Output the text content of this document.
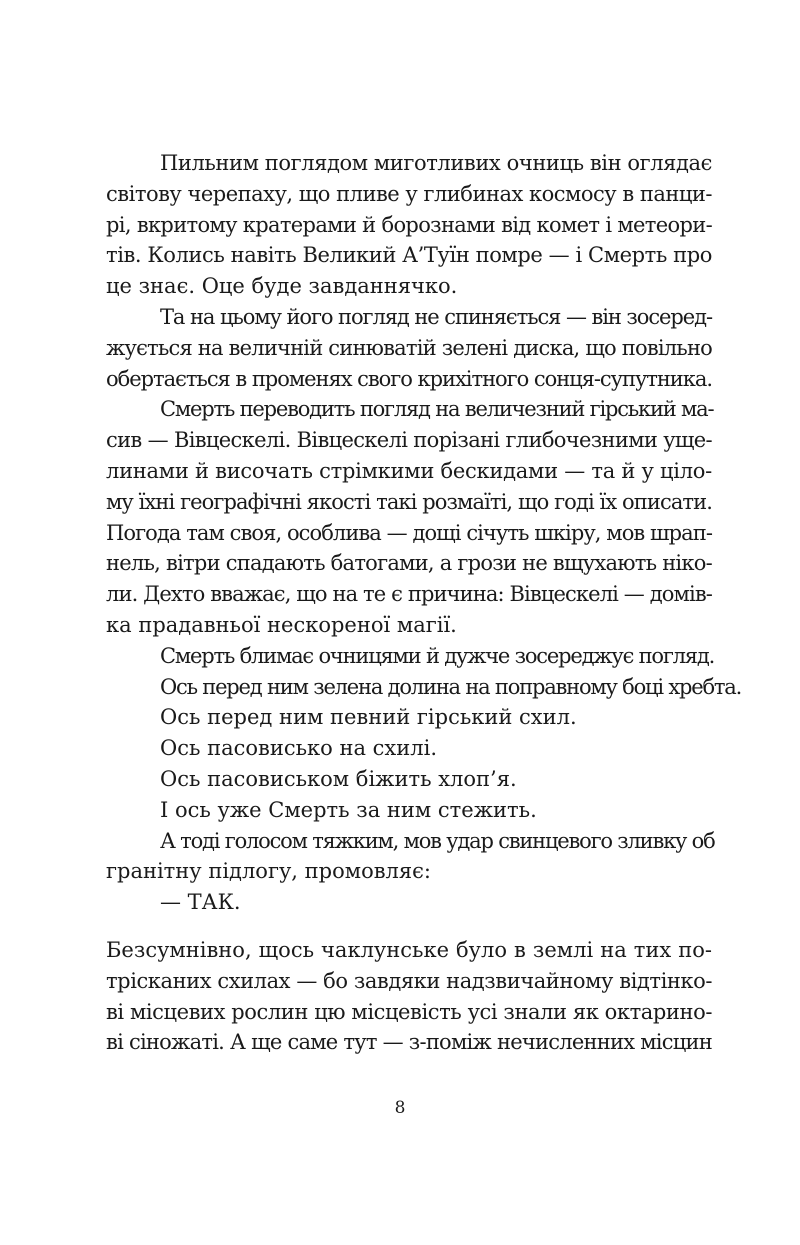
Пильним поглядом миготливих очниць він оглядає
світову черепаху, що пливе у глибинах космосу в панци-
рі, вкритому кратерами й борознами від комет і метеори-
тів. Колись навіть Великий А’Туїн помре — і Смерть про
це знає. Оце буде завданнячко.
Та на цьому його погляд не спиняється — він зосеред-
жується на величній синюватій зелені диска, що повільно
обертається в променях свого крихітного сонця-супутника.
Смерть переводить погляд на величезний гірський ма-
сив — Вівцескелі. Вівцескелі порізані глибочезними уще-
линами й височать стрімкими бескидами — та й у ціло-
му їхні географічні якості такі розмаїті, що годі їх описати.
Погода там своя, особлива — дощі січуть шкіру, мов шрап-
нель, вітри спадають батогами, а грози не вщухають ніко-
ли. Дехто вважає, що на те є причина: Вівцескелі — домів-
ка прадавньої нескореної магії.
Смерть блимає очницями й дужче зосереджує погляд.
Ось перед ним зелена долина на поправному боці хребта.
Ось перед ним певний гірський схил.
Ось пасовисько на схилі.
Ось пасовиськом біжить хлоп’я.
І ось уже Смерть за ним стежить.
А тоді голосом тяжким, мов удар свинцевого зливку об
гранітну підлогу, промовляє:
— ТАК.
Безсумнівно, щось чаклунське було в землі на тих по-
трісканих схилах — бо завдяки надзвичайному відтінко-
ві місцевих рослин цю місцевість усі знали як октарино-
ві сіножаті. А ще саме тут — з-поміж нечисленних місцин
8
